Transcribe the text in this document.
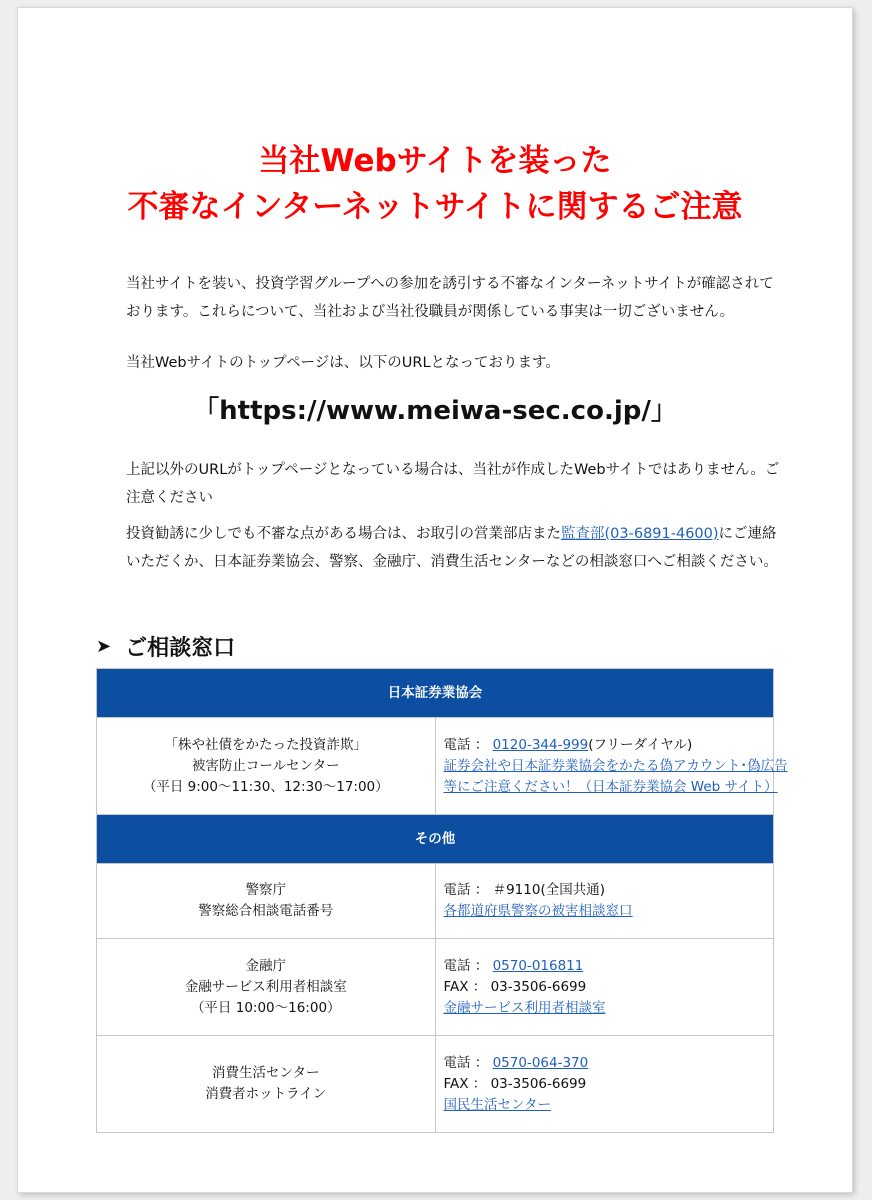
当社Webサイトを装った
不審なインターネットサイトに関するご注意
当社サイトを装い、投資学習グループへの参加を誘引する不審なインターネットサイトが確認されております。これらについて、当社および当社役職員が関係している事実は一切ございません。
当社Webサイトのトップページは、以下のURLとなっております。
「https://www.meiwa-sec.co.jp/」
上記以外のURLがトップページとなっている場合は、当社が作成したWebサイトではありません。ご注意ください
投資勧誘に少しでも不審な点がある場合は、お取引の営業部店また監査部(03-6891-4600)にご連絡いただくか、日本証券業協会、警察、金融庁、消費生活センターなどの相談窓口へご相談ください。
➤ ご相談窓口
日本証券業協会	

「株や社債をかたった投資詐欺」
被害防止コールセンター
（平日 9:00～11:30、12:30～17:00）	電話 ： 0120-344-999(フリーダイヤル)
証券会社や日本証券業協会をかたる偽アカウント･偽広告
等にご注意ください！（日本証券業協会 Web サイト）

その他	

警察庁
警察総合相談電話番号	電話 ： ＃9110(全国共通)
各都道府県警察の被害相談窓口

金融庁
金融サービス利用者相談室
（平日 10:00～16:00）	電話 ： 0570-016811
FAX ： 03-3506-6699
金融サービス利用者相談室

消費生活センター
消費者ホットライン	電話 ： 0570-064-370
FAX ： 03-3506-6699
国民生活センター
